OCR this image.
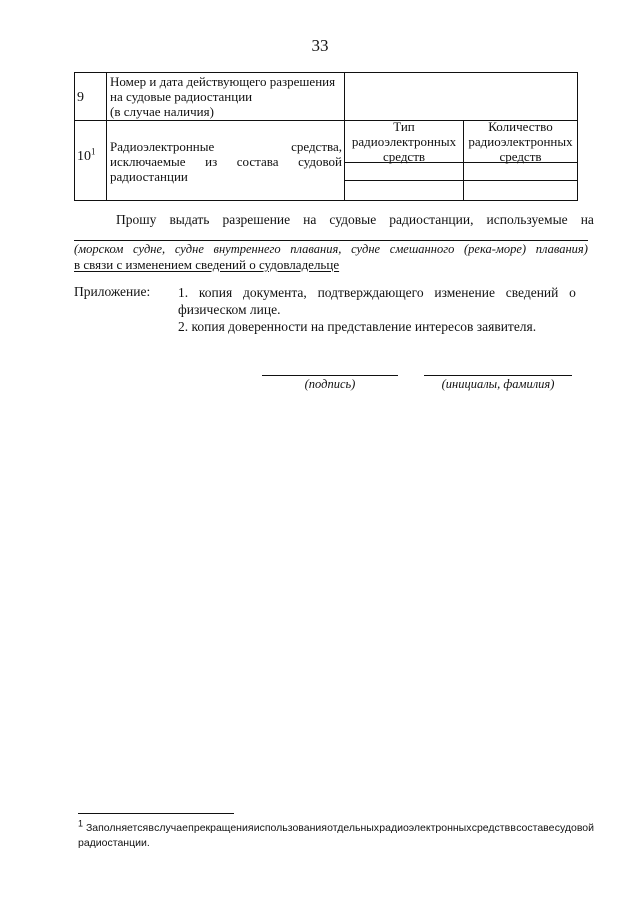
33
9
Номер и дата действующего разрешения
на судовые радиостанции
(в случае наличия)
$10^1$ Радиоэлектронные	средства,
исключаемые из состава судовой
радиостанции
Тип
радиоэлектронных
средств
Количество
радиоэлектронных
средств
Прошу выдать разрешение на судовые радиостанции, используемые на
(морском судне, судне внутреннего плавания, судне смешанного (река-море) плавания)
в связи с изменением сведений о судовладельце
Приложение: 1. копия документа, подтверждающего изменение сведений о
физическом лице.
2. копия доверенности на представление интересов заявителя.
(подпись)	(инициалы, фамилия)
$^1$ Заполняется в случае прекращения использования отдельных радиоэлектронных средств в составе судовой
радиостанции.
